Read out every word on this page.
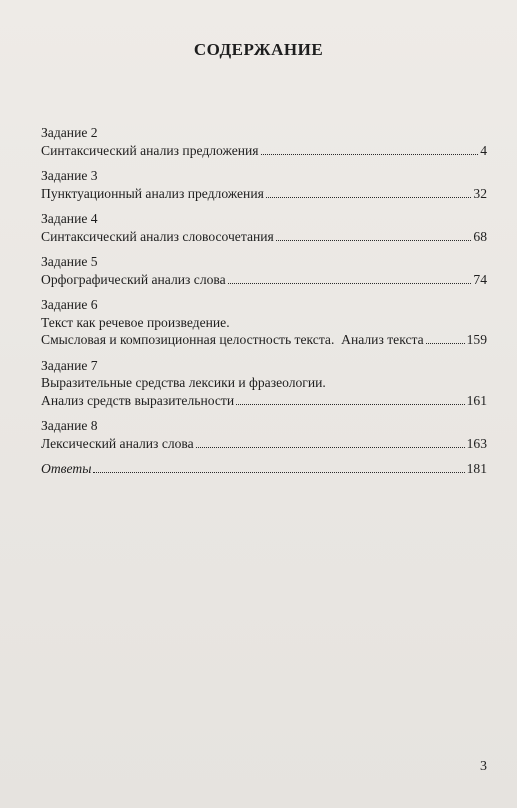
СОДЕРЖАНИЕ
Задание 2
Синтаксический анализ предложения	4
Задание 3
Пунктуационный анализ предложения	32
Задание 4
Синтаксический анализ словосочетания	68
Задание 5
Орфографический анализ слова	74
Задание 6
Текст как речевое произведение.
Смысловая и композиционная целостность текста.  Анализ текста	159
Задание 7
Выразительные средства лексики и фразеологии.
Анализ средств выразительности	161
Задание 8
Лексический анализ слова	163
Ответы	181
3
